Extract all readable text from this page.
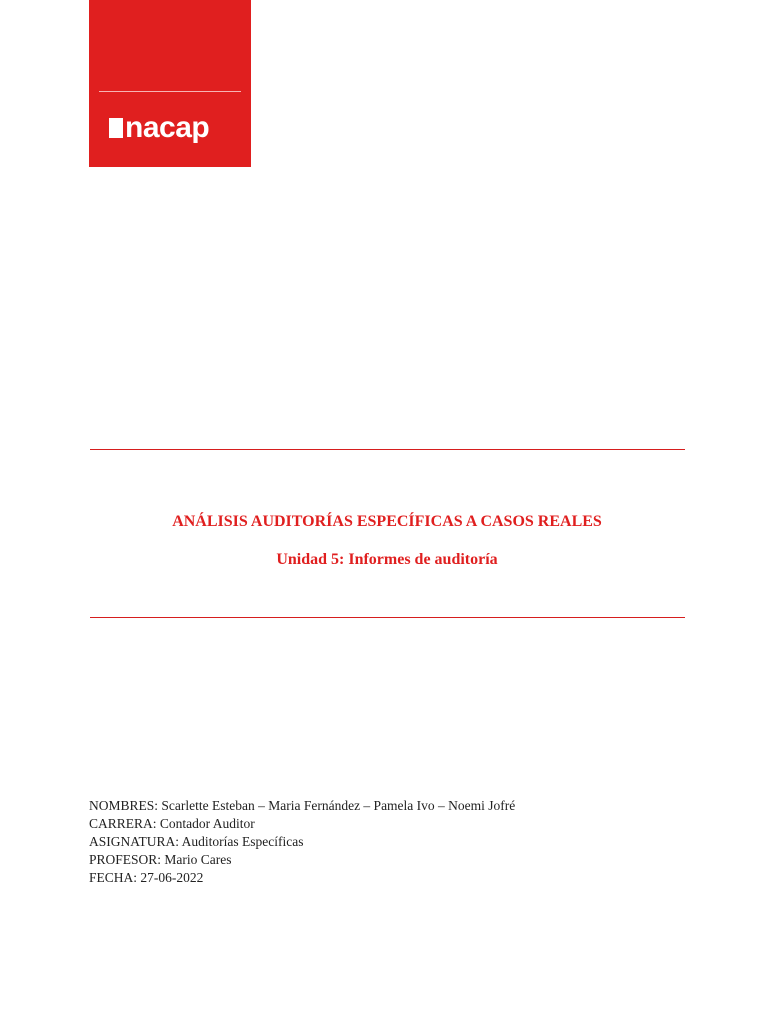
nacap
ANÁLISIS AUDITORÍAS ESPECÍFICAS A CASOS REALES
Unidad 5: Informes de auditoría
NOMBRES: Scarlette Esteban – Maria Fernández – Pamela Ivo – Noemi Jofré
CARRERA: Contador Auditor
ASIGNATURA: Auditorías Específicas
PROFESOR: Mario Cares
FECHA: 27-06-2022
